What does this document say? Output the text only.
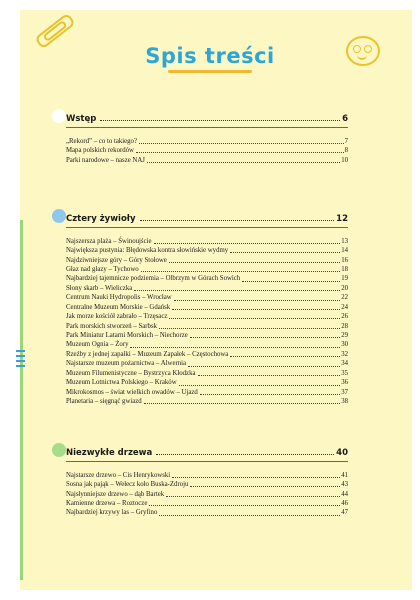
Spis treści
Wstęp	6
„Rekord” – co to takiego?	7
Mapa polskich rekordów	8
Parki narodowe – nasze NAJ	10
Cztery żywioły	12
Najszersza plaża – Świnoujście	13
Największa pustynia: Błędowska kontra słowińskie wydmy	14
Najdziwniejsze góry – Góry Stołowe	16
Głaz nad głazy – Tychowo	18
Najbardziej tajemnicze podziemia – Olbrzym w Górach Sowich	19
Słony skarb – Wieliczka	20
Centrum Nauki Hydropolis – Wrocław	22
Centralne Muzeum Morskie – Gdańsk	24
Jak morze kościół zabrało – Trzęsacz	26
Park morskich stworzeń – Sarbsk	28
Park Miniatur Latarni Morskich – Niechorze	29
Muzeum Ognia – Żory	30
Rzeźby z jednej zapałki – Muzeum Zapałek – Częstochowa	32
Najstarsze muzeum pożarnictwa – Alwernia	34
Muzeum Filumenistyczne – Bystrzyca Kłodzka	35
Muzeum Lotnictwa Polskiego – Kraków	36
Mikrokosmos – świat wielkich owadów – Ujazd	37
Planetaria – sięgnąć gwiazd	38
Niezwykłe drzewa	40
Najstarsze drzewo – Cis Henrykowski	41
Sosna jak pająk – Wełecz koło Buska-Zdroju	43
Najsłynniejsze drzewo – dąb Bartek	44
Kamienne drzewa – Roztocze	46
Najbardziej krzywy las – Gryfino	47
